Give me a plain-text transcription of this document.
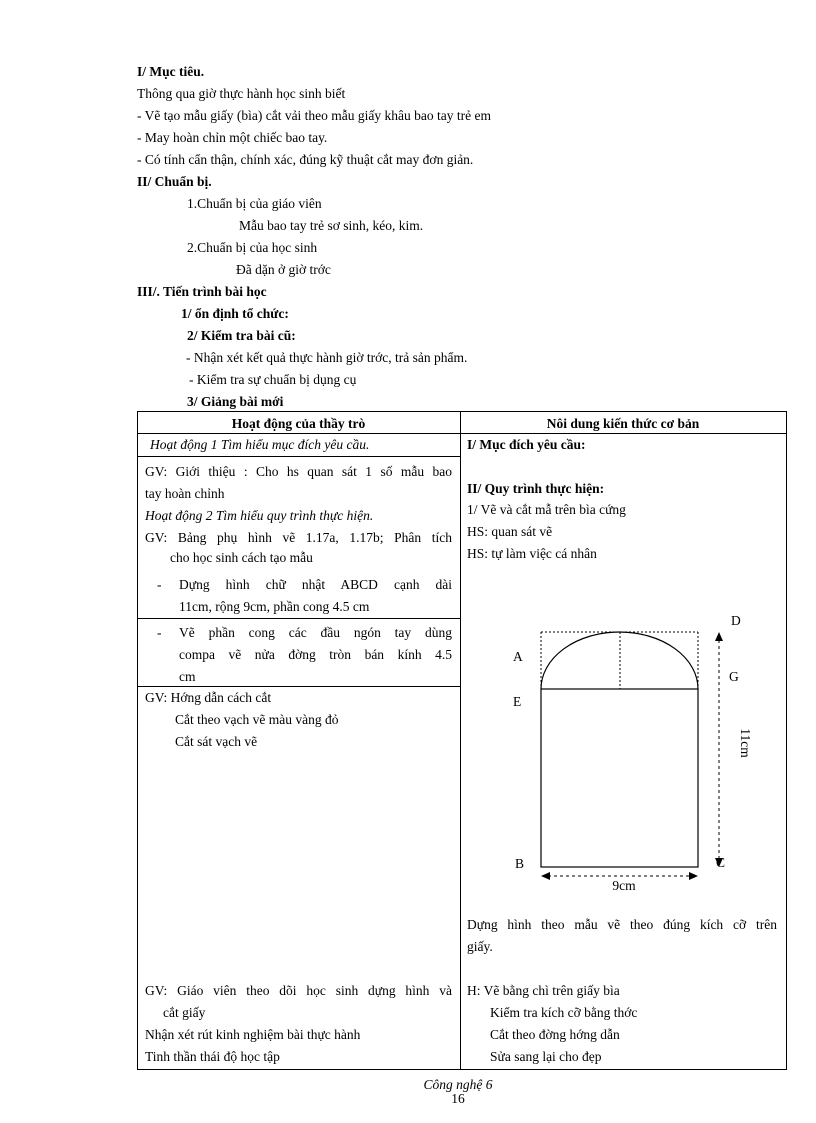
I/ Mục tiêu.
Thông qua giờ thực hành học sinh biết
- Vẽ tạo mẫu giấy (bìa) cắt vải theo mẫu giấy khâu bao tay trẻ em
- May hoàn chỉn một chiếc bao tay.
- Có tính cẩn thận, chính xác, đúng kỹ thuật cắt may đơn giản.
II/ Chuẩn bị.
1.Chuẩn bị của giáo viên
Mẫu bao tay trẻ sơ sinh, kéo, kim.
2.Chuẩn bị của học sinh
Đã dặn ở giờ trớc
III/. Tiến trình bài học
1/ ổn định tổ chức:
2/ Kiểm tra bài cũ:
- Nhận xét kết quả thực hành giờ trớc, trả sản phẩm.
- Kiểm tra sự chuẩn bị dụng cụ
3/ Giảng bài mới
Hoạt động của thầy trò	Nôi dung kiến thức cơ bản
Hoạt động 1 Tìm hiểu mục đích yêu cầu.
GV: Giới thiệu : Cho hs quan sát 1 số mẫu bao
tay hoàn chỉnh
Hoạt động 2 Tìm hiểu quy trình thực hiện.
GV: Bảng phụ hình vẽ 1.17a, 1.17b; Phân tích
cho học sinh cách tạo mẫu
- Dựng hình chữ nhật ABCD cạnh dài
11cm, rộng 9cm, phần cong 4.5 cm
- Vẽ phần cong các đầu ngón tay dùng
compa vẽ nửa đờng tròn bán kính 4.5
cm
GV: Hớng dẫn cách cắt
Cắt theo vạch vẽ màu vàng đỏ
Cắt sát vạch vẽ
GV: Giáo viên theo dõi học sinh dựng hình và
cắt giấy
Nhận xét rút kinh nghiệm bài thực hành
Tinh thần thái độ học tập
I/ Mục đích yêu cầu:
II/ Quy trình thực hiện:
1/ Vẽ và cắt mẫ trên bìa cứng
HS: quan sát vẽ
HS: tự làm việc cá nhân
A
E
B	C
D
G
11cm
9cm
Dựng hình theo mẫu vẽ theo đúng kích cỡ trên
giấy.
H: Vẽ bằng chì trên giấy bìa
Kiểm tra kích cỡ bằng thớc
Cắt theo đờng hớng dẫn
Sửa sang lại cho đẹp
Công nghệ 6
16
